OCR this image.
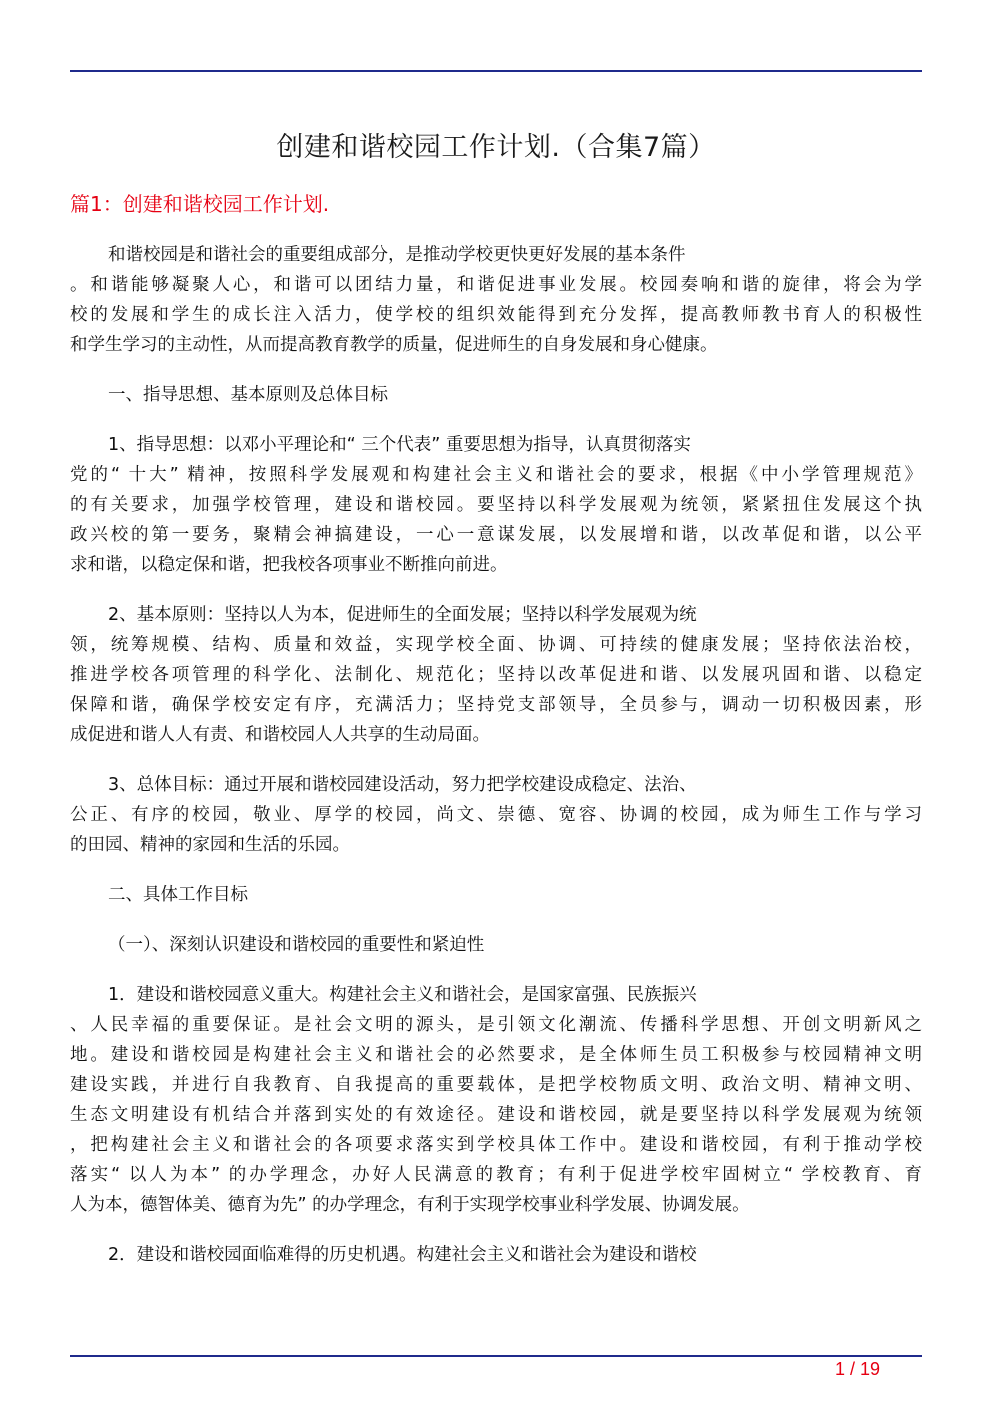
创建和谐校园工作计划.（合集7篇）
篇1：创建和谐校园工作计划.
和谐校园是和谐社会的重要组成部分，是推动学校更快更好发展的基本条件
。和谐能够凝聚人心，和谐可以团结力量，和谐促进事业发展。校园奏响和谐的旋律，将会为学
校的发展和学生的成长注入活力，使学校的组织效能得到充分发挥，提高教师教书育人的积极性
和学生学习的主动性，从而提高教育教学的质量，促进师生的自身发展和身心健康。
一、指导思想、基本原则及总体目标
1、指导思想：以邓小平理论和“ 三个代表” 重要思想为指导，认真贯彻落实
党的“ 十大” 精神，按照科学发展观和构建社会主义和谐社会的要求，根据《中小学管理规范》
的有关要求，加强学校管理，建设和谐校园。要坚持以科学发展观为统领，紧紧扭住发展这个执
政兴校的第一要务，聚精会神搞建设，一心一意谋发展，以发展增和谐，以改革促和谐，以公平
求和谐，以稳定保和谐，把我校各项事业不断推向前进。
2、基本原则：坚持以人为本，促进师生的全面发展；坚持以科学发展观为统
领，统筹规模、结构、质量和效益，实现学校全面、协调、可持续的健康发展；坚持依法治校，
推进学校各项管理的科学化、法制化、规范化；坚持以改革促进和谐、以发展巩固和谐、以稳定
保障和谐，确保学校安定有序，充满活力；坚持党支部领导，全员参与，调动一切积极因素，形
成促进和谐人人有责、和谐校园人人共享的生动局面。
3、总体目标：通过开展和谐校园建设活动，努力把学校建设成稳定、法治、
公正、有序的校园，敬业、厚学的校园，尚文、崇德、宽容、协调的校园，成为师生工作与学习
的田园、精神的家园和生活的乐园。
二、具体工作目标
（一）、深刻认识建设和谐校园的重要性和紧迫性
1．建设和谐校园意义重大。构建社会主义和谐社会，是国家富强、民族振兴
、人民幸福的重要保证。是社会文明的源头，是引领文化潮流、传播科学思想、开创文明新风之
地。建设和谐校园是构建社会主义和谐社会的必然要求，是全体师生员工积极参与校园精神文明
建设实践，并进行自我教育、自我提高的重要载体，是把学校物质文明、政治文明、精神文明、
生态文明建设有机结合并落到实处的有效途径。建设和谐校园，就是要坚持以科学发展观为统领
，把构建社会主义和谐社会的各项要求落实到学校具体工作中。建设和谐校园，有利于推动学校
落实“ 以人为本” 的办学理念，办好人民满意的教育；有利于促进学校牢固树立“ 学校教育、育
人为本，德智体美、德育为先” 的办学理念，有利于实现学校事业科学发展、协调发展。
2．建设和谐校园面临难得的历史机遇。构建社会主义和谐社会为建设和谐校
1 / 19
